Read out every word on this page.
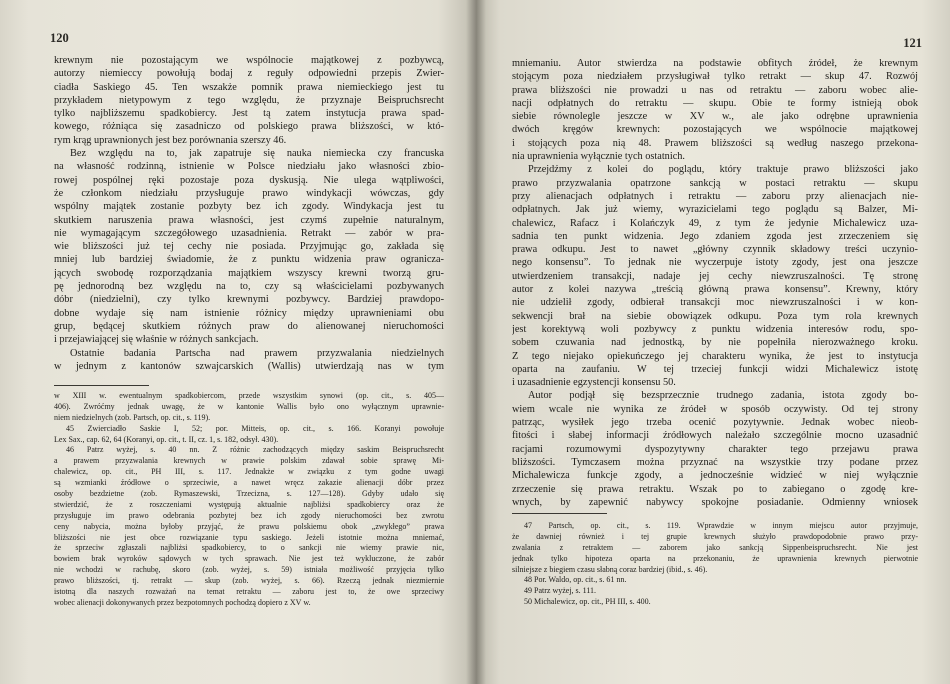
120
krewnym nie pozostającym we wspólnocie majątkowej z pozbywcą,
autorzy niemieccy powołują bodaj z reguły odpowiedni przepis Zwier-
ciadła Saskiego 45. Ten wszakże pomnik prawa niemieckiego jest tu
przykładem nietypowym z tego względu, że przyznaje Beispruchsrecht
tylko najbliższemu spadkobiercy. Jest tą zatem instytucja prawa spad-
kowego, różniąca się zasadniczo od polskiego prawa bliższości, w któ-
rym krąg uprawnionych jest bez porównania szerszy 46.
Bez względu na to, jak zapatruje się nauka niemiecka czy francuska
na własność rodzinną, istnienie w Polsce niedziału jako własności zbio-
rowej pospólnej ręki pozostaje poza dyskusją. Nie ulega wątpliwości,
że członkom niedziału przysługuje prawo windykacji wówczas, gdy
wspólny majątek zostanie pozbyty bez ich zgody. Windykacja jest tu
skutkiem naruszenia prawa własności, jest czymś zupełnie naturalnym,
nie wymagającym szczegółowego uzasadnienia. Retrakt — zabór w pra-
wie bliższości już tej cechy nie posiada. Przyjmując go, zakłada się
mniej lub bardziej świadomie, że z punktu widzenia praw ogranicza-
jących swobodę rozporządzania majątkiem wszyscy krewni tworzą gru-
pę jednorodną bez względu na to, czy są właścicielami pozbywanych
dóbr (niedzielni), czy tylko krewnymi pozbywcy. Bardziej prawdopo-
dobne wydaje się nam istnienie różnicy między uprawnieniami obu
grup, będącej skutkiem różnych praw do alienowanej nieruchomości
i przejawiającej się właśnie w różnych sankcjach.
Ostatnie badania Partscha nad prawem przyzwalania niedzielnych
w jednym z kantonów szwajcarskich (Wallis) utwierdzają nas w tym
w XIII w. ewentualnym spadkobiercom, przede wszystkim synowi (op. cit., s. 405—
406). Zwróćmy jednak uwagę, że w kantonie Wallis było ono wyłącznym uprawnie-
niem niedzielnych (zob. Partsch, op. cit., s. 119).
45 Zwierciadło Saskie I, 52; por. Mitteis, op. cit., s. 166. Koranyi powołuje
Lex Sax., cap. 62, 64 (Koranyi, op. cit., t. II, cz. 1, s. 182, odsył. 430).
46 Patrz wyżej, s. 40 nn. Z różnic zachodzących między saskim Beispruchsrecht
a prawem przyzwalania krewnych w prawie polskim zdawał sobie sprawę Mi-
chalewicz, op. cit., PH III, s. 117. Jednakże w związku z tym godne uwagi
są wzmianki źródłowe o sprzeciwie, a nawet wręcz zakazie alienacji dóbr przez
osoby bezdzietne (zob. Rymaszewski, Trzecizna, s. 127—128). Gdyby udało się
stwierdzić, że z roszczeniami występują aktualnie najbliżsi spadkobiercy oraz że
przysługuje im prawo odebrania pozbytej bez ich zgody nieruchomości bez zwrotu
ceny nabycia, można byłoby przyjąć, że prawu polskiemu obok „zwykłego” prawa
bliższości nie jest obce rozwiązanie typu saskiego. Jeżeli istotnie można mniemać,
że sprzeciw zgłaszali najbliżsi spadkobiercy, to o sankcji nie wiemy prawie nic,
bowiem brak wyroków sądowych w tych sprawach. Nie jest też wykluczone, że zabór
nie wchodzi w rachubę, skoro (zob. wyżej, s. 59) istniała możliwość przyjęcia tylko
prawo bliższości, tj. retrakt — skup (zob. wyżej, s. 66). Rzeczą jednak niezmiernie
istotną dla naszych rozważań na temat retraktu — zaboru jest to, że owe sprzeciwy
wobec alienacji dokonywanych przez bezpotomnych pochodzą dopiero z XV w.
121
mniemaniu. Autor stwierdza na podstawie obfitych źródeł, że krewnym
stojącym poza niedziałem przysługiwał tylko retrakt — skup 47. Rozwój
prawa bliższości nie prowadzi u nas od retraktu — zaboru wobec alie-
nacji odpłatnych do retraktu — skupu. Obie te formy istnieją obok
siebie równolegle jeszcze w XV w., ale jako odrębne uprawnienia
dwóch kręgów krewnych: pozostających we wspólnocie majątkowej
i stojących poza nią 48. Prawem bliższości są według naszego przekona-
nia uprawnienia wyłącznie tych ostatnich.
Przejdźmy z kolei do poglądu, który traktuje prawo bliższości jako
prawo przyzwalania opatrzone sankcją w postaci retraktu — skupu
przy alienacjach odpłatnych i retraktu — zaboru przy alienacjach nie-
odpłatnych. Jak już wiemy, wyrazicielami tego poglądu są Balzer, Mi-
chalewicz, Rafacz i Kolańczyk 49, z tym że jedynie Michalewicz uza-
sadnia ten punkt widzenia. Jego zdaniem zgoda jest zrzeczeniem się
prawa odkupu. Jest to nawet „główny czynnik składowy treści uczynio-
nego konsensu”. To jednak nie wyczerpuje istoty zgody, jest ona jeszcze
utwierdzeniem transakcji, nadaje jej cechy niewzruszalności. Tę stronę
autor z kolei nazywa „treścią główną prawa konsensu”. Krewny, który
nie udzielił zgody, odbierał transakcji moc niewzruszalności i w kon-
sekwencji brał na siebie obowiązek odkupu. Poza tym rola krewnych
jest korektywą woli pozbywcy z punktu widzenia interesów rodu, spo-
sobem czuwania nad jednostką, by nie popełniła nierozważnego kroku.
Z tego niejako opiekuńczego jej charakteru wynika, że jest to instytucja
oparta na zaufaniu. W tej trzeciej funkcji widzi Michalewicz istotę
i uzasadnienie egzystencji konsensu 50.
Autor podjął się bezsprzecznie trudnego zadania, istota zgody bo-
wiem wcale nie wynika ze źródeł w sposób oczywisty. Od tej strony
patrząc, wysiłek jego trzeba ocenić pozytywnie. Jednak wobec nieob-
fitości i słabej informacji źródłowych należało szczególnie mocno uzasadnić
racjami rozumowymi dyspozytywny charakter tego przejawu prawa
bliższości. Tymczasem można przyznać na wszystkie trzy podane przez
Michalewicza funkcje zgody, a jednocześnie widzieć w niej wyłącznie
zrzeczenie się prawa retraktu. Wszak po to zabiegano o zgodę kre-
wnych, by zapewnić nabywcy spokojne posiadanie. Odmienny wniosek
47 Partsch, op. cit., s. 119. Wprawdzie w innym miejscu autor przyjmuje,
że dawniej również i tej grupie krewnych służyło prawdopodobnie prawo przy-
zwalania z retraktem — zaborem jako sankcją Sippenbeispruchsrecht. Nie jest
jednak tylko hipoteza oparta na przekonaniu, że uprawnienia krewnych pierwotnie
silniejsze z biegiem czasu słabną coraz bardziej (ibid., s. 46).
48 Por. Waldo, op. cit., s. 61 nn.
49 Patrz wyżej, s. 111.
50 Michalewicz, op. cit., PH III, s. 400.
